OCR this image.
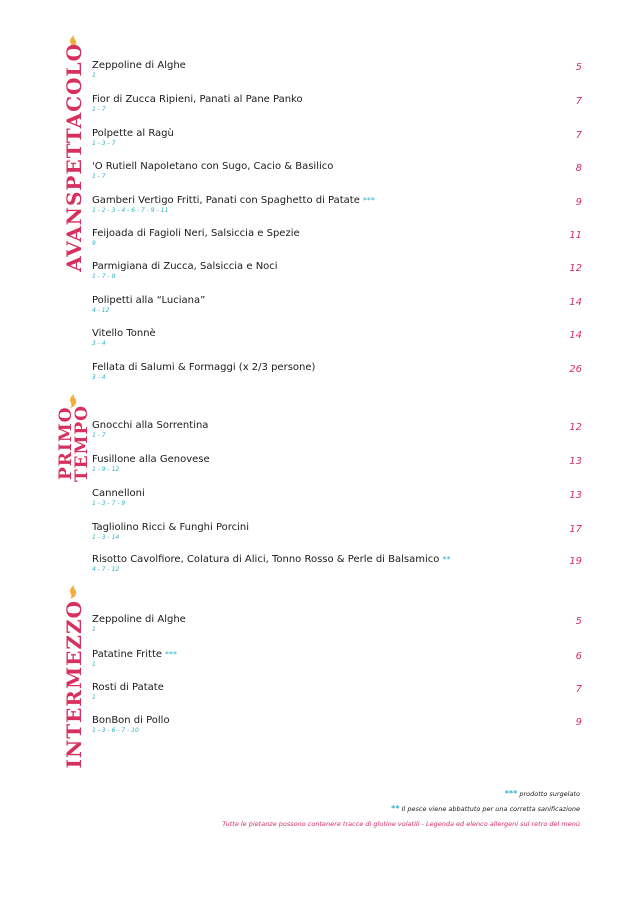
AVANSPETTACOLO Zeppoline di Alghe
1
5
Fior di Zucca Ripieni, Panati al Pane Panko
1 - 7
7
Polpette al Ragù
1 - 3 - 7
7
'O Rutiell Napoletano con Sugo, Cacio & Basilico
1 - 7
8
Gamberi Vertigo Fritti, Panati con Spaghetto di Patate ***
1 - 2 - 3 - 4 - 6 - 7 - 9 - 11
9
Feijoada di Fagioli Neri, Salsiccia e Spezie
9
11
Parmigiana di Zucca, Salsiccia e Noci
1 - 7 - 8
12
Polipetti alla “Luciana”
4 - 12
14
Vitello Tonnè
3 - 4
14
Fellata di Salumi & Formaggi (x 2/3 persone)
3 - 4
26
PRIMO
TEMPO Gnocchi alla Sorrentina
1 - 7
12
Fusillone alla Genovese
1 - 9 - 12
13
Cannelloni
1 - 3 - 7 - 9
13
Tagliolino Ricci & Funghi Porcini
1 - 3 - 14
17
Risotto Cavolfiore, Colatura di Alici, Tonno Rosso & Perle di Balsamico **
4 - 7 - 12
19
INTERMEZZO Zeppoline di Alghe
1
5
Patatine Fritte ***
1
6
Rosti di Patate
1
7
BonBon di Pollo
1 - 3 - 6 - 7 - 10
9
*** prodotto surgelato
** Il pesce viene abbattuto per una corretta sanificazione
Tutte le pietanze possono contenere tracce di glutine volatili - Legenda ed elenco allergeni sul retro del menù
